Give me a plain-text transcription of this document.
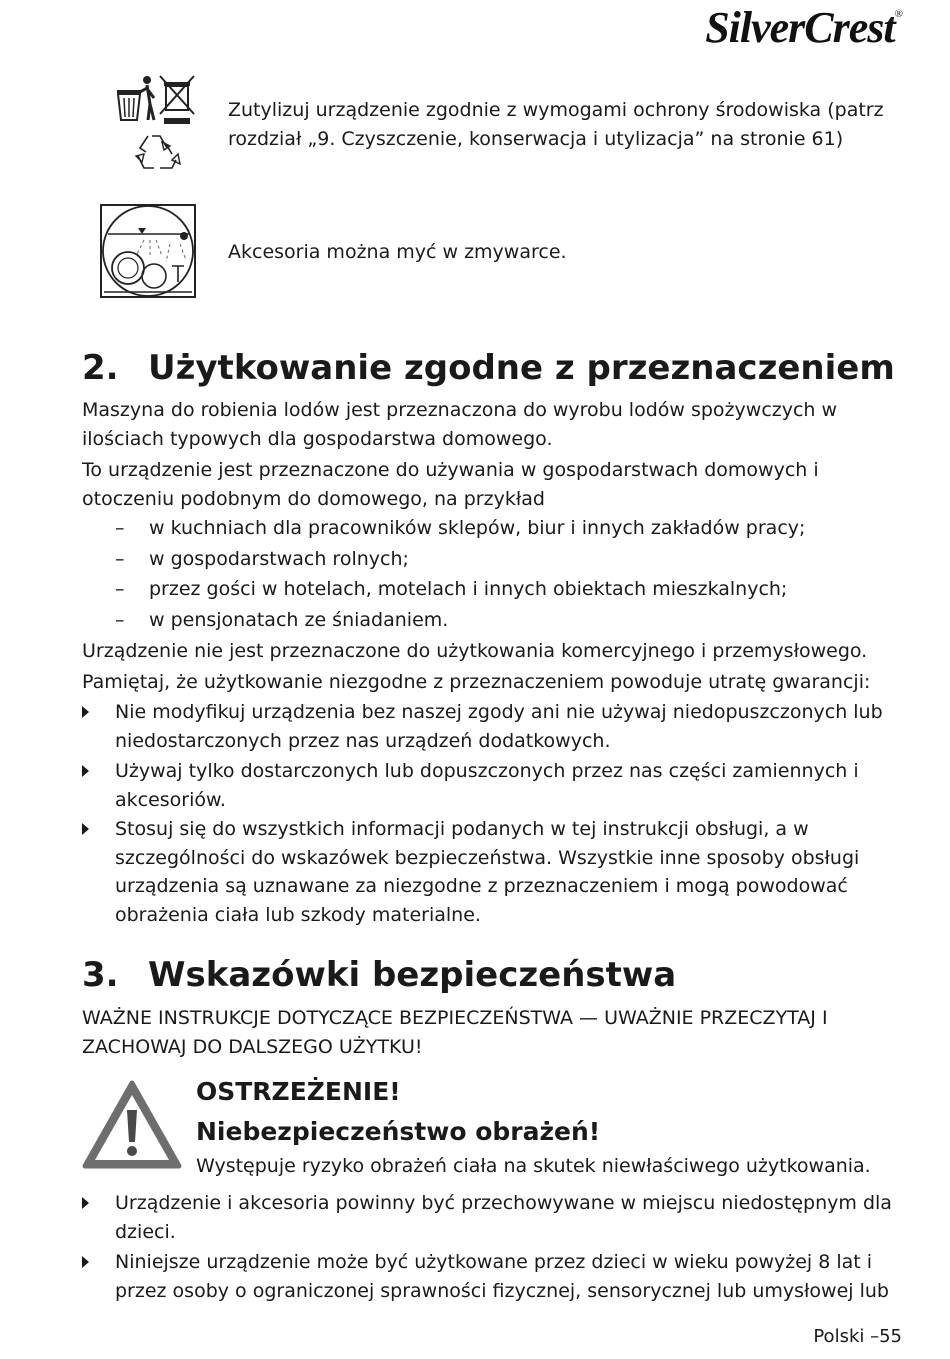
SilverCrest®
Zutylizuj urządzenie zgodnie z wymogami ochrony środowiska (patrz rozdział „9. Czyszczenie, konserwacja i utylizacja” na stronie 61)
Akcesoria można myć w zmywarce.
2. Użytkowanie zgodne z przeznaczeniem

Maszyna do robienia lodów jest przeznaczona do wyrobu lodów spożywczych w ilościach typowych dla gospodarstwa domowego.

To urządzenie jest przeznaczone do używania w gospodarstwach domowych i otoczeniu podobnym do domowego, na przykład

– w kuchniach dla pracowników sklepów, biur i innych zakładów pracy;
– w gospodarstwach rolnych;
– przez gości w hotelach, motelach i innych obiektach mieszkalnych;
– w pensjonatach ze śniadaniem.

Urządzenie nie jest przeznaczone do użytkowania komercyjnego i przemysłowego.

Pamiętaj, że użytkowanie niezgodne z przeznaczeniem powoduje utratę gwarancji:

Nie modyfikuj urządzenia bez naszej zgody ani nie używaj niedopuszczonych lub niedostarczonych przez nas urządzeń dodatkowych.
Używaj tylko dostarczonych lub dopuszczonych przez nas części zamiennych i akcesoriów.
Stosuj się do wszystkich informacji podanych w tej instrukcji obsługi, a w szczególności do wskazówek bezpieczeństwa. Wszystkie inne sposoby obsługi urządzenia są uznawane za niezgodne z przeznaczeniem i mogą powodować obrażenia ciała lub szkody materialne.
3. Wskazówki bezpieczeństwa

WAŻNE INSTRUKCJE DOTYCZĄCE BEZPIECZEŃSTWA — UWAŻNIE PRZECZYTAJ I ZACHOWAJ DO DALSZEGO UŻYTKU!

OSTRZEŻENIE!
Niebezpieczeństwo obrażeń!
Występuje ryzyko obrażeń ciała na skutek niewłaściwego użytkowania.
Urządzenie i akcesoria powinny być przechowywane w miejscu niedostępnym dla dzieci.
Niniejsze urządzenie może być użytkowane przez dzieci w wieku powyżej 8 lat i przez osoby o ograniczonej sprawności fizycznej, sensorycznej lub umysłowej lub
Polski –55
